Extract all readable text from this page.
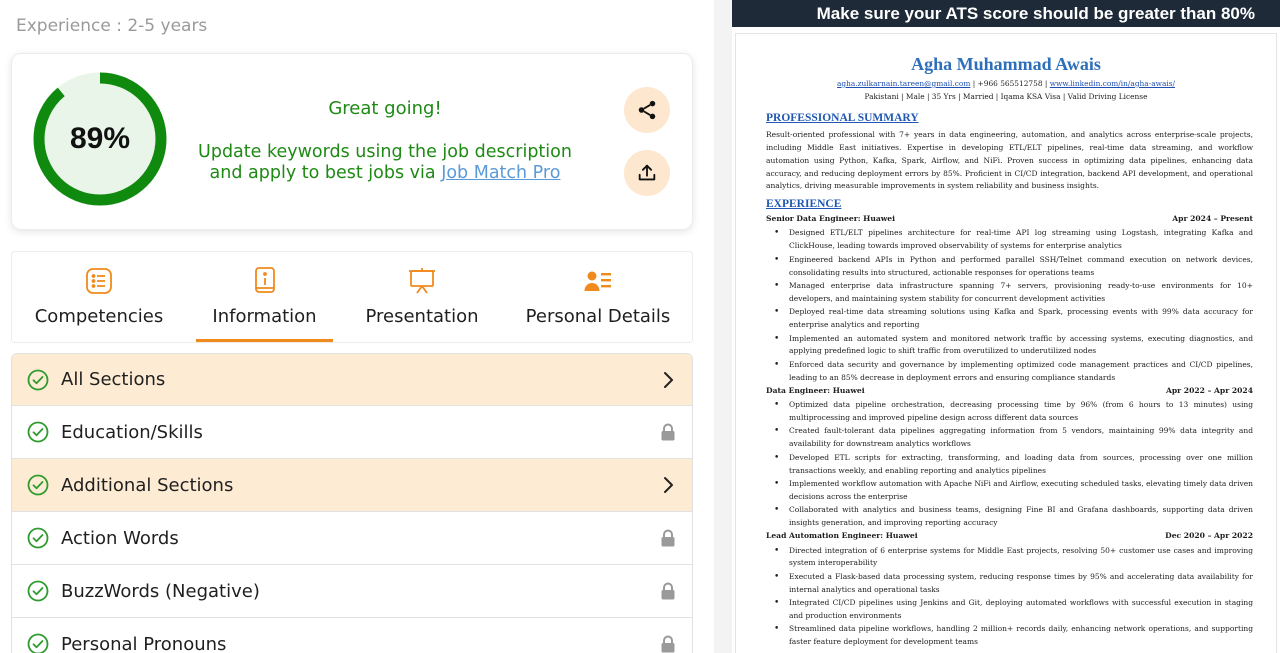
Experience : 2-5 years
89%
Great going!
Update keywords using the job description and apply to best jobs via Job Match Pro
Competencies	Information	Presentation	Personal Details
All Sections
Education/Skills
Additional Sections
Action Words
BuzzWords (Negative)
Personal Pronouns
Make sure your ATS score should be greater than 80%
Agha Muhammad Awais
agha.zulkarnain.tareen@gmail.com | +966 565512758 | www.linkedin.com/in/agha-awais/
Pakistani | Male | 35 Yrs | Married | Iqama KSA Visa | Valid Driving License
PROFESSIONAL SUMMARY
Result-oriented professional with 7+ years in data engineering, automation, and analytics across enterprise-scale projects, including Middle East initiatives. Expertise in developing ETL/ELT pipelines, real-time data streaming, and workflow automation using Python, Kafka, Spark, Airflow, and NiFi. Proven success in optimizing data pipelines, enhancing data accuracy, and reducing deployment errors by 85%. Proficient in CI/CD integration, backend API development, and operational analytics, driving measurable improvements in system reliability and business insights.
EXPERIENCE
Senior Data Engineer: Huawei	Apr 2024 – Present
• Designed ETL/ELT pipelines architecture for real-time API log streaming using Logstash, integrating Kafka and ClickHouse, leading towards improved observability of systems for enterprise analytics
• Engineered backend APIs in Python and performed parallel SSH/Telnet command execution on network devices, consolidating results into structured, actionable responses for operations teams
• Managed enterprise data infrastructure spanning 7+ servers, provisioning ready-to-use environments for 10+ developers, and maintaining system stability for concurrent development activities
• Deployed real-time data streaming solutions using Kafka and Spark, processing events with 99% data accuracy for enterprise analytics and reporting
• Implemented an automated system and monitored network traffic by accessing systems, executing diagnostics, and applying predefined logic to shift traffic from overutilized to underutilized nodes
• Enforced data security and governance by implementing optimized code management practices and CI/CD pipelines, leading to an 85% decrease in deployment errors and ensuring compliance standards
Data Engineer: Huawei	Apr 2022 – Apr 2024
• Optimized data pipeline orchestration, decreasing processing time by 96% (from 6 hours to 13 minutes) using multiprocessing and improved pipeline design across different data sources
• Created fault-tolerant data pipelines aggregating information from 5 vendors, maintaining 99% data integrity and availability for downstream analytics workflows
• Developed ETL scripts for extracting, transforming, and loading data from sources, processing over one million transactions weekly, and enabling reporting and analytics pipelines
• Implemented workflow automation with Apache NiFi and Airflow, executing scheduled tasks, elevating timely data driven decisions across the enterprise
• Collaborated with analytics and business teams, designing Fine BI and Grafana dashboards, supporting data driven insights generation, and improving reporting accuracy
Lead Automation Engineer: Huawei	Dec 2020 – Apr 2022
• Directed integration of 6 enterprise systems for Middle East projects, resolving 50+ customer use cases and improving system interoperability
• Executed a Flask-based data processing system, reducing response times by 95% and accelerating data availability for internal analytics and operational tasks
• Integrated CI/CD pipelines using Jenkins and Git, deploying automated workflows with successful execution in staging and production environments
• Streamlined data pipeline workflows, handling 2 million+ records daily, enhancing network operations, and supporting faster feature deployment for development teams
